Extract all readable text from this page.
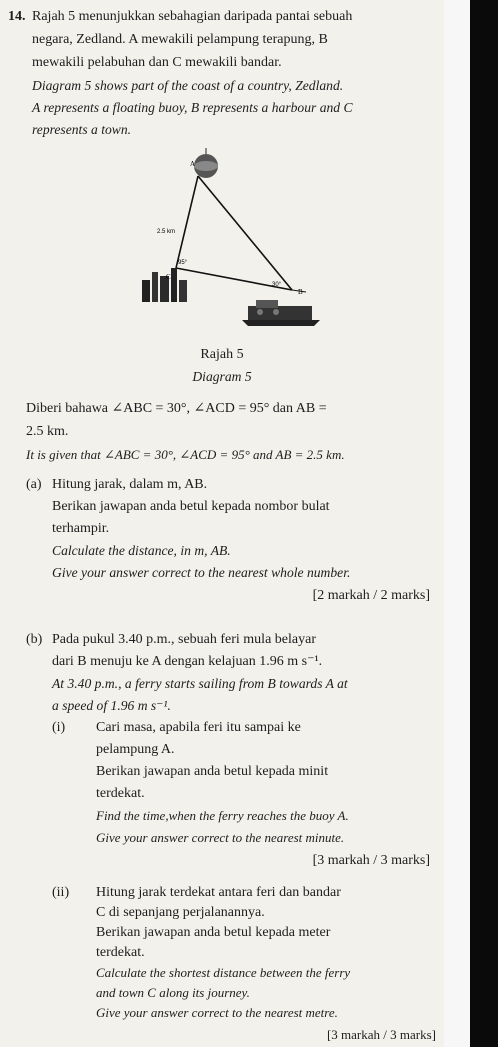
14. Rajah 5 menunjukkan sebahagian daripada pantai sebuah
negara, Zedland. A mewakili pelampung terapung, B
mewakili pelabuhan dan C mewakili bandar.
Diagram 5 shows part of the coast of a country, Zedland.
A represents a floating buoy, B represents a harbour and C
represents a town.
A
C
B
2.5 km
95°
30°
Rajah 5
Diagram 5
Diberi bahawa ∠ABC = 30°, ∠ACD = 95° dan AB =
2.5 km.
It is given that ∠ABC = 30°, ∠ACD = 95° and AB = 2.5 km.
(a) Hitung jarak, dalam m, AB.
Berikan jawapan anda betul kepada nombor bulat
terhampir.
Calculate the distance, in m, AB.
Give your answer correct to the nearest whole number.
[2 markah / 2 marks]
(b) Pada pukul 3.40 p.m., sebuah feri mula belayar
dari B menuju ke A dengan kelajuan 1.96 m s⁻¹.
At 3.40 p.m., a ferry starts sailing from B towards A at
a speed of 1.96 m s⁻¹.
(i) Cari masa, apabila feri itu sampai ke
pelampung A.
Berikan jawapan anda betul kepada minit
terdekat.
Find the time,when the ferry reaches the buoy A.
Give your answer correct to the nearest minute.
[3 markah / 3 marks]
(ii) Hitung jarak terdekat antara feri dan bandar
C di sepanjang perjalanannya.
Berikan jawapan anda betul kepada meter
terdekat.
Calculate the shortest distance between the ferry
and town C along its journey.
Give your answer correct to the nearest metre.
[3 markah / 3 marks]
